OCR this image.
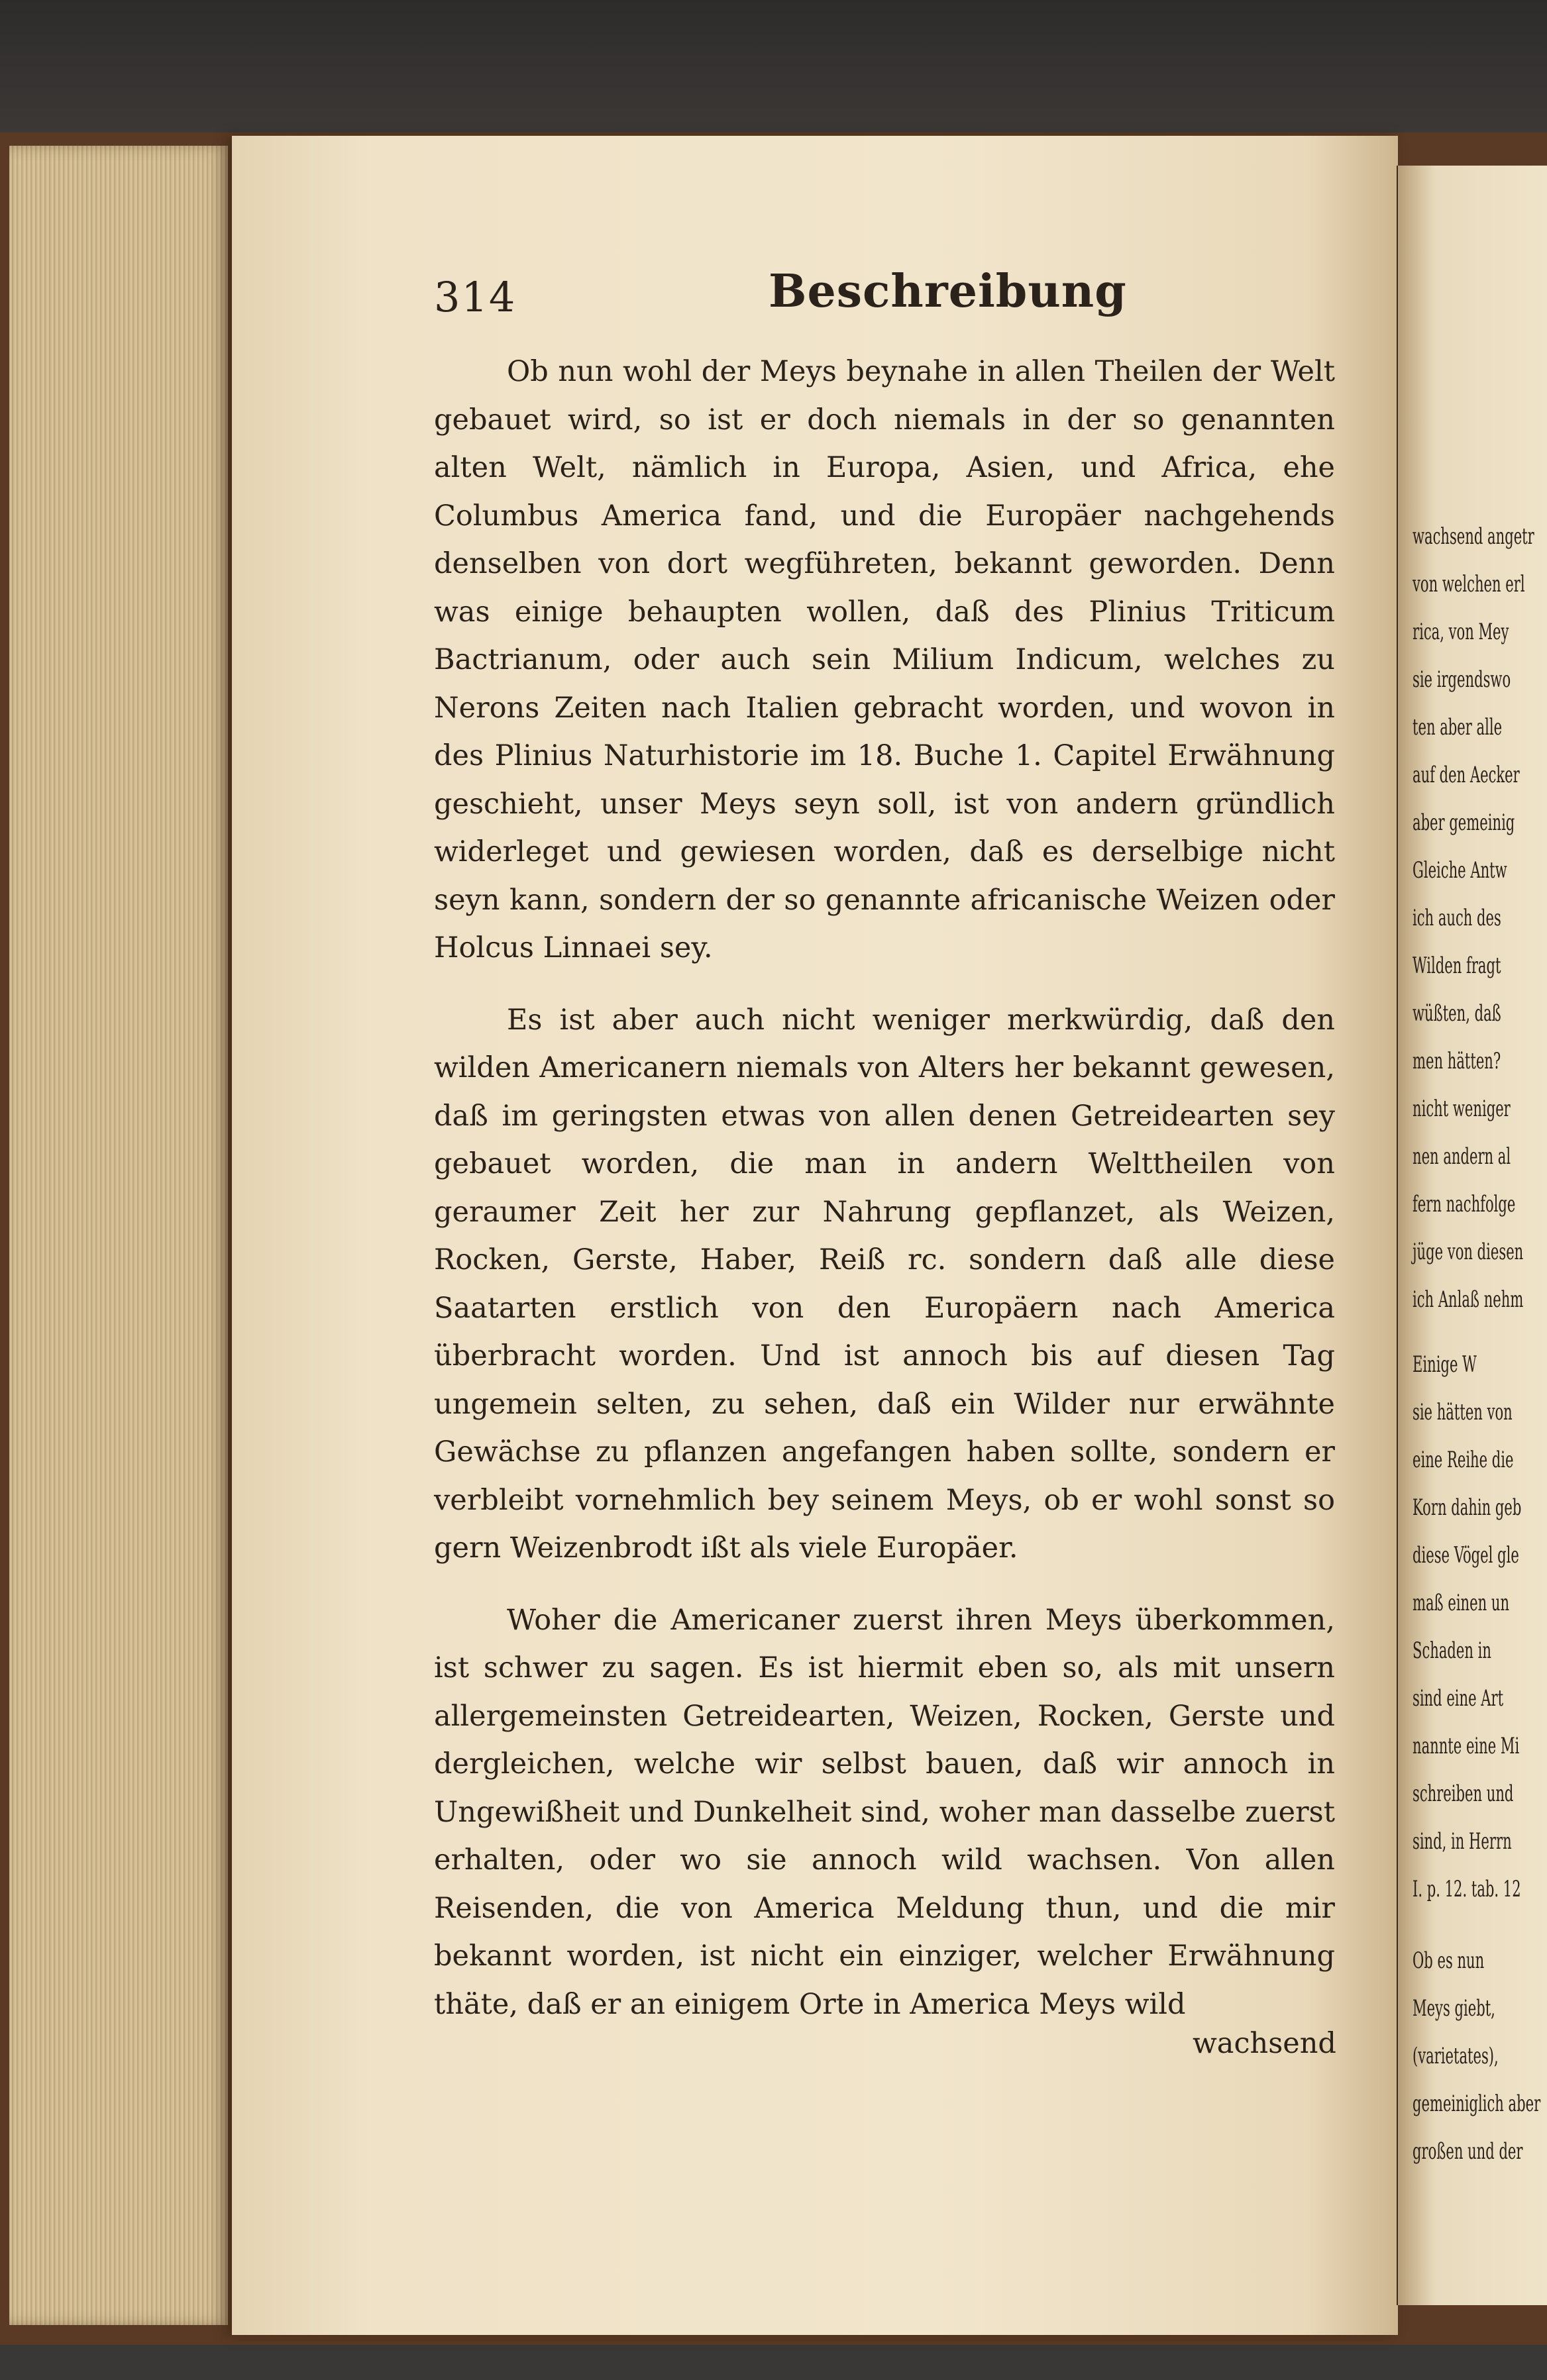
314	Beschreibung

Ob nun wohl der Meys beynahe in allen Theilen der Welt gebauet wird, so ist er doch niemals in der so genannten alten Welt, nämlich in Europa, Asien, und Africa, ehe Columbus America fand, und die Europäer nachgehends denselben von dort wegführeten, bekannt geworden. Denn was einige behaupten wollen, daß des Plinius Triticum Bactrianum, oder auch sein Milium Indicum, welches zu Nerons Zeiten nach Italien gebracht worden, und wovon in des Plinius Naturhistorie im 18. Buche 1. Capitel Erwähnung geschieht, unser Meys seyn soll, ist von andern gründlich widerleget und gewiesen worden, daß es derselbige nicht seyn kann, sondern der so genannte africanische Weizen oder Holcus Linnaei sey.

Es ist aber auch nicht weniger merkwürdig, daß den wilden Americanern niemals von Alters her bekannt gewesen, daß im geringsten etwas von allen denen Getreidearten sey gebauet worden, die man in andern Welttheilen von geraumer Zeit her zur Nahrung gepflanzet, als Weizen, Rocken, Gerste, Haber, Reiß rc. sondern daß alle diese Saatarten erstlich von den Europäern nach America überbracht worden. Und ist annoch bis auf diesen Tag ungemein selten, zu sehen, daß ein Wilder nur erwähnte Gewächse zu pflanzen angefangen haben sollte, sondern er verbleibt vornehmlich bey seinem Meys, ob er wohl sonst so gern Weizenbrodt ißt als viele Europäer.

Woher die Americaner zuerst ihren Meys überkommen, ist schwer zu sagen. Es ist hiermit eben so, als mit unsern allergemeinsten Getreidearten, Weizen, Rocken, Gerste und dergleichen, welche wir selbst bauen, daß wir annoch in Ungewißheit und Dunkelheit sind, woher man dasselbe zuerst erhalten, oder wo sie annoch wild wachsen. Von allen Reisenden, die von America Meldung thun, und die mir bekannt worden, ist nicht ein einziger, welcher Erwähnung thäte, daß er an einigem Orte in America Meys wild

wachsend
wachsend angetr
von welchen erl
rica, von Mey
sie irgendswo
ten aber alle
auf den Aecker
aber gemeinig
Gleiche Antw
ich auch des
Wilden fragt
wüßten, daß
men hätten?
nicht weniger
nen andern al
fern nachfolge
jüge von diesen
ich Anlaß nehm
Einige W
sie hätten von
eine Reihe die
Korn dahin geb
diese Vögel gle
maß einen un
Schaden in
sind eine Art
nannte eine Mi
schreiben und
sind, in Herrn
I. p. 12. tab. 12
Ob es nun
Meys giebt,
(varietates),
gemeiniglich aber
großen und der
